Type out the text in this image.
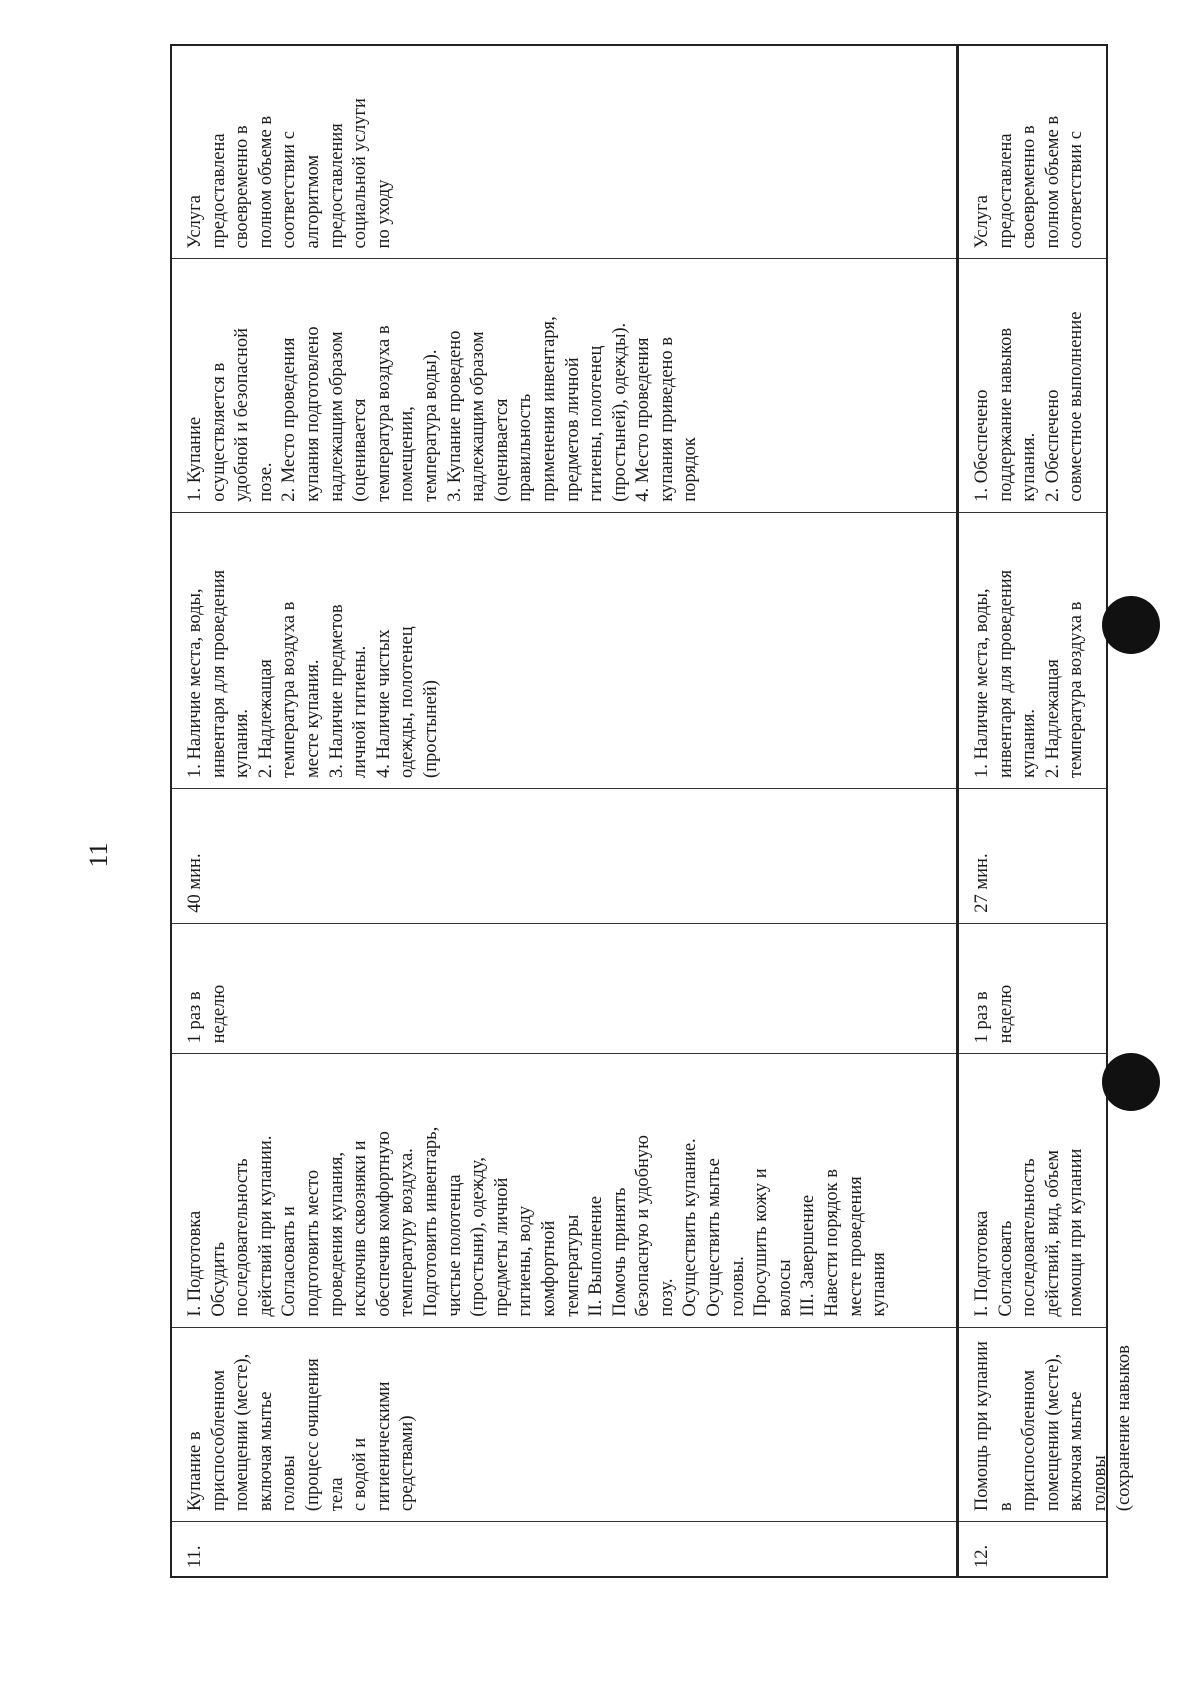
11
11.
Купание в
приспособленном
помещении (месте),
включая мытье головы
(процесс очищения тела
с водой и
гигиеническими
средствами)
I. Подготовка
Обсудить
последовательность
действий при купании.
Согласовать и
подготовить место
проведения купания,
исключив сквозняки и
обеспечив комфортную
температуру воздуха.
Подготовить инвентарь,
чистые полотенца
(простыни), одежду,
предметы личной
гигиены, воду
комфортной
температуры
II. Выполнение
Помочь принять
безопасную и удобную
позу.
Осуществить купание.
Осуществить мытье
головы.
Просушить кожу и
волосы
III. Завершение
Навести порядок в
месте проведения
купания
1 раз в
неделю
40 мин.
1. Наличие места, воды,
инвентаря для проведения
купания.
2. Надлежащая
температура воздуха в
месте купания.
3. Наличие предметов
личной гигиены.
4. Наличие чистых
одежды, полотенец
(простыней)
1. Купание
осуществляется в
удобной и безопасной
позе.
2. Место проведения
купания подготовлено
надлежащим образом
(оценивается
температура воздуха в
помещении,
температура воды).
3. Купание проведено
надлежащим образом
(оценивается
правильность
применения инвентаря,
предметов личной
гигиены, полотенец
(простыней), одежды).
4. Место проведения
купания приведено в
порядок
Услуга
предоставлена
своевременно в
полном объеме в
соответствии с
алгоритмом
предоставления
социальной услуги
по уходу
12.
Помощь при купании в
приспособленном
помещении (месте),
включая мытье головы
(сохранение навыков
I. Подготовка
Согласовать
последовательность
действий, вид, объем
помощи при купании
1 раз в
неделю
27 мин.
1. Наличие места, воды,
инвентаря для проведения
купания.
2. Надлежащая
температура воздуха в
1. Обеспечено
поддержание навыков
купания.
2. Обеспечено
совместное выполнение
Услуга
предоставлена
своевременно в
полном объеме в
соответствии с
